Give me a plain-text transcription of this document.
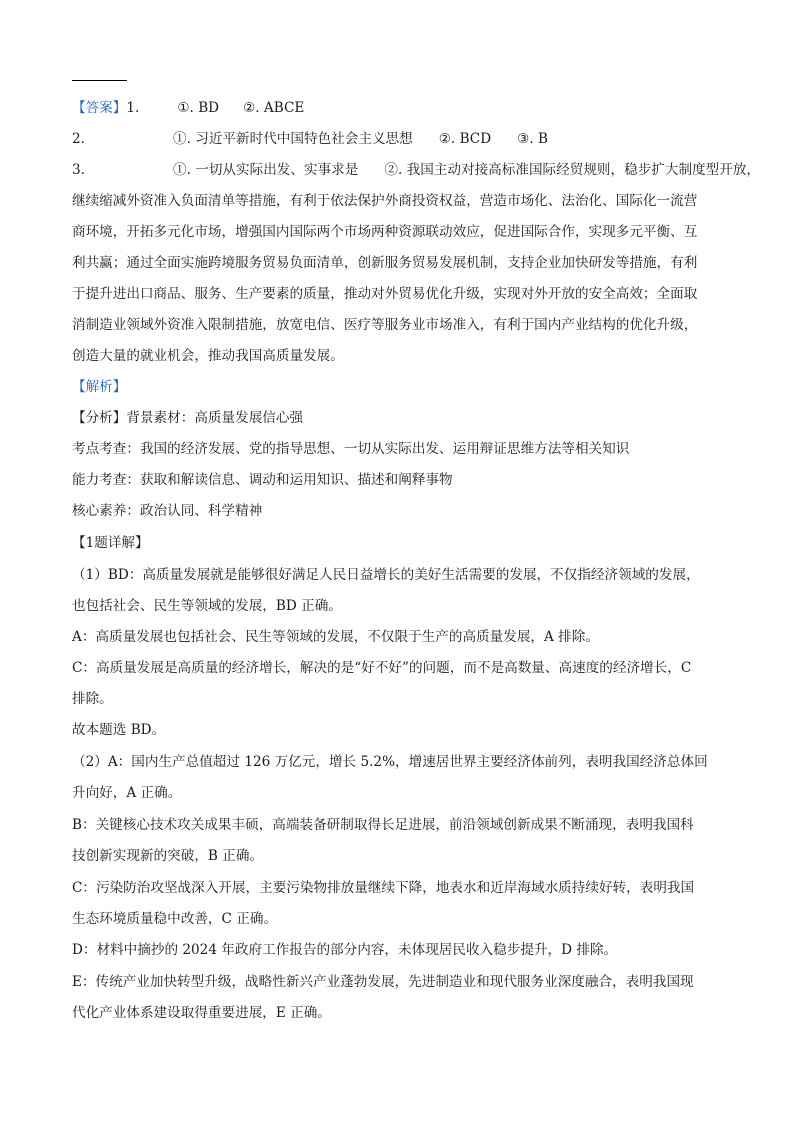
【答案】1.	①. BD ②. ABCE
2.	①. 习近平新时代中国特色社会主义思想 ②. BCD ③. B
3.	①. 一切从实际出发、实事求是 ②. 我国主动对接高标准国际经贸规则，稳步扩大制度型开放，
继续缩减外资准入负面清单等措施，有利于依法保护外商投资权益，营造市场化、法治化、国际化一流营
商环境，开拓多元化市场，增强国内国际两个市场两种资源联动效应，促进国际合作，实现多元平衡、互
利共赢；通过全面实施跨境服务贸易负面清单，创新服务贸易发展机制，支持企业加快研发等措施，有利
于提升进出口商品、服务、生产要素的质量，推动对外贸易优化升级，实现对外开放的安全高效；全面取
消制造业领域外资准入限制措施，放宽电信、医疗等服务业市场准入，有利于国内产业结构的优化升级，
创造大量的就业机会，推动我国高质量发展。
【解析】
【分析】背景素材：高质量发展信心强
考点考查：我国的经济发展、党的指导思想、一切从实际出发、运用辩证思维方法等相关知识
能力考查：获取和解读信息、调动和运用知识、描述和阐释事物
核心素养：政治认同、科学精神
【1题详解】
（1）BD：高质量发展就是能够很好满足人民日益增长的美好生活需要的发展，不仅指经济领域的发展，
也包括社会、民生等领域的发展，BD 正确。
A：高质量发展也包括社会、民生等领域的发展，不仅限于生产的高质量发展，A 排除。
C：高质量发展是高质量的经济增长，解决的是“好不好”的问题，而不是高数量、高速度的经济增长，C
排除。
故本题选 BD。
（2）A：国内生产总值超过 126 万亿元，增长 5.2%，增速居世界主要经济体前列，表明我国经济总体回
升向好，A 正确。
B：关键核心技术攻关成果丰硕，高端装备研制取得长足进展，前沿领域创新成果不断涌现，表明我国科
技创新实现新的突破，B 正确。
C：污染防治攻坚战深入开展，主要污染物排放量继续下降，地表水和近岸海域水质持续好转，表明我国
生态环境质量稳中改善，C 正确。
D：材料中摘抄的 2024 年政府工作报告的部分内容，未体现居民收入稳步提升，D 排除。
E：传统产业加快转型升级，战略性新兴产业蓬勃发展，先进制造业和现代服务业深度融合，表明我国现
代化产业体系建设取得重要进展，E 正确。
